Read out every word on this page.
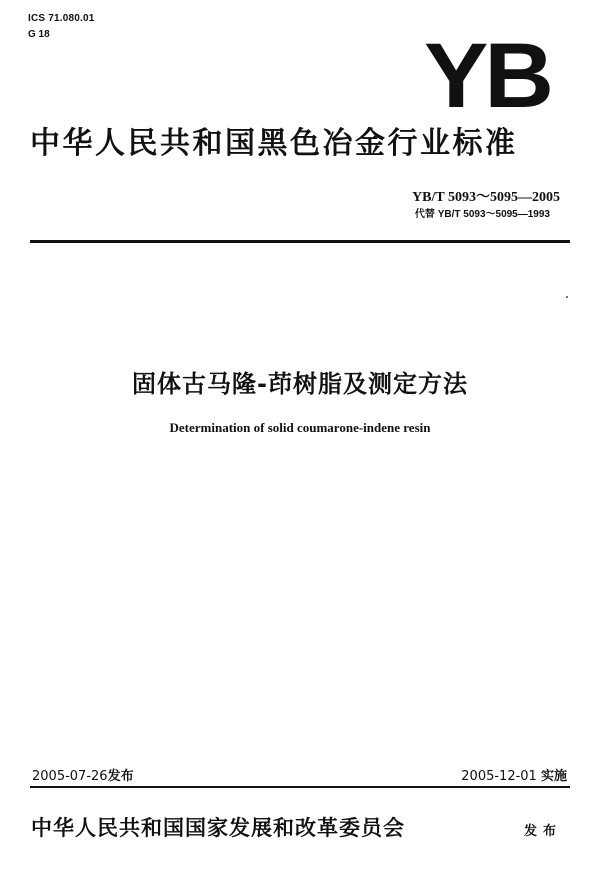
ICS 71.080.01
G 18	YB
中华人民共和国黑色冶金行业标准
YB/T 5093～5095—2005
代替 YB/T 5093～5095—1993
固体古马隆-茚树脂及测定方法
Determination of solid coumarone-indene resin
2005-07-26发布	2005-12-01 实施
中华人民共和国国家发展和改革委员会	发布
